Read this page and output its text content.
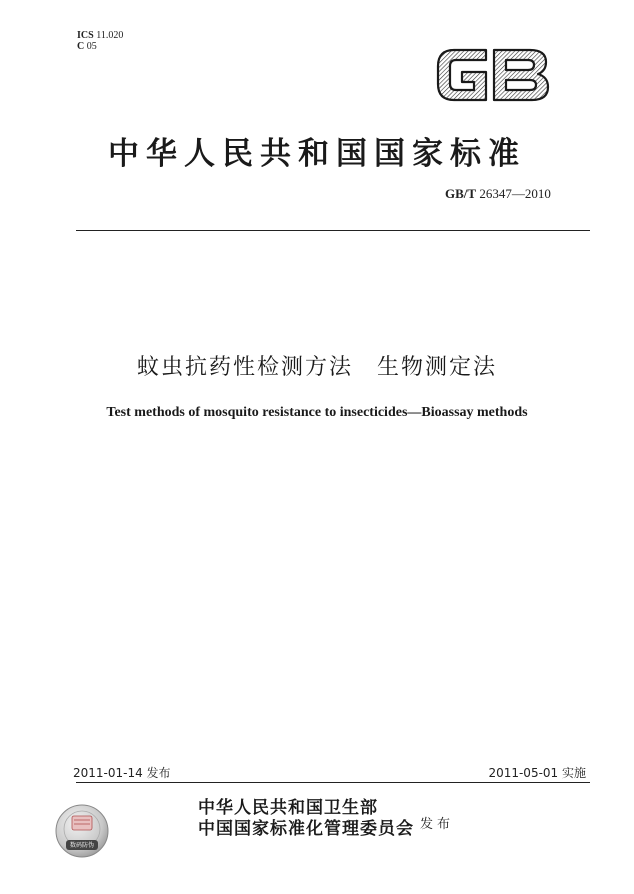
ICS 11.020
C 05
中华人民共和国国家标准
GB/T 26347—2010
蚊虫抗药性检测方法　生物测定法
Test methods of mosquito resistance to insecticides—Bioassay methods
2011-01-14 发布	2011-05-01 实施
数码防伪
中华人民共和国卫生部
中国国家标准化管理委员会 发布
